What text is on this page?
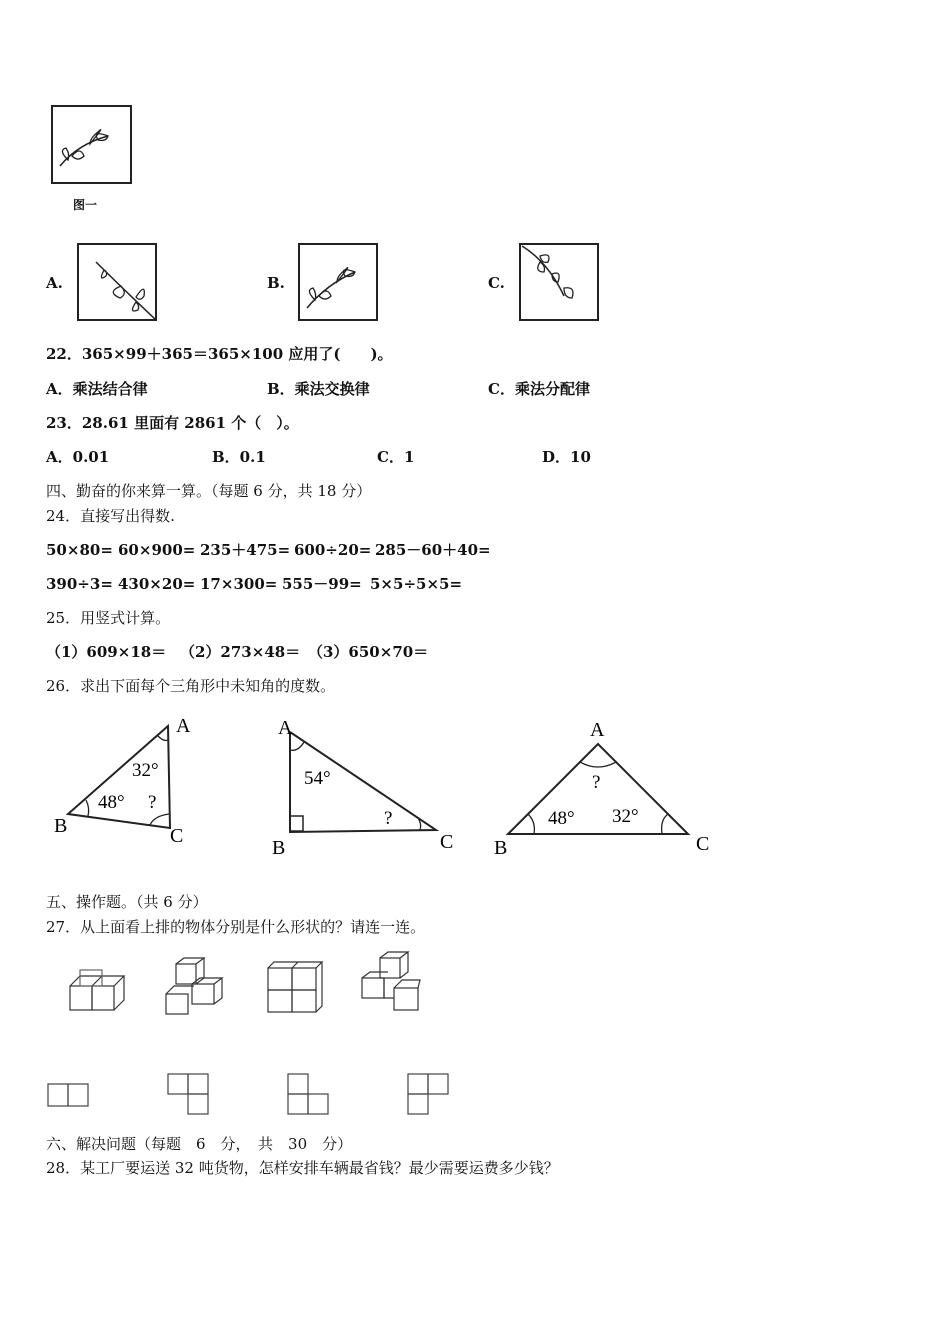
图一
A.	B.	C.
22．365×99＋365＝365×100 应用了(　　)。
A．乘法结合律	B．乘法交换律	C．乘法分配律
23．28.61 里面有 2861 个（　）。
A．0.01	B．0.1	C．1	D．10
四、勤奋的你来算一算。（每题 6 分，共 18 分）
24．直接写出得数.
50×80= 60×900= 235＋475= 600÷20= 285－60＋40=
390÷3= 430×20= 17×300= 555－99= 5×5÷5×5=
25．用竖式计算。
（1）609×18＝ （2）273×48＝ （3）650×70＝
26．求出下面每个三角形中未知角的度数。
A
B	C
32°
48° ?
A
B	C
54°
?
A
B	C
?
48° 32°
五、操作题。（共 6 分）
27．从上面看上排的物体分别是什么形状的？请连一连。
六、解决问题（每题　6　分，　共　30　分）
28．某工厂要运送 32 吨货物，怎样安排车辆最省钱？最少需要运费多少钱？
